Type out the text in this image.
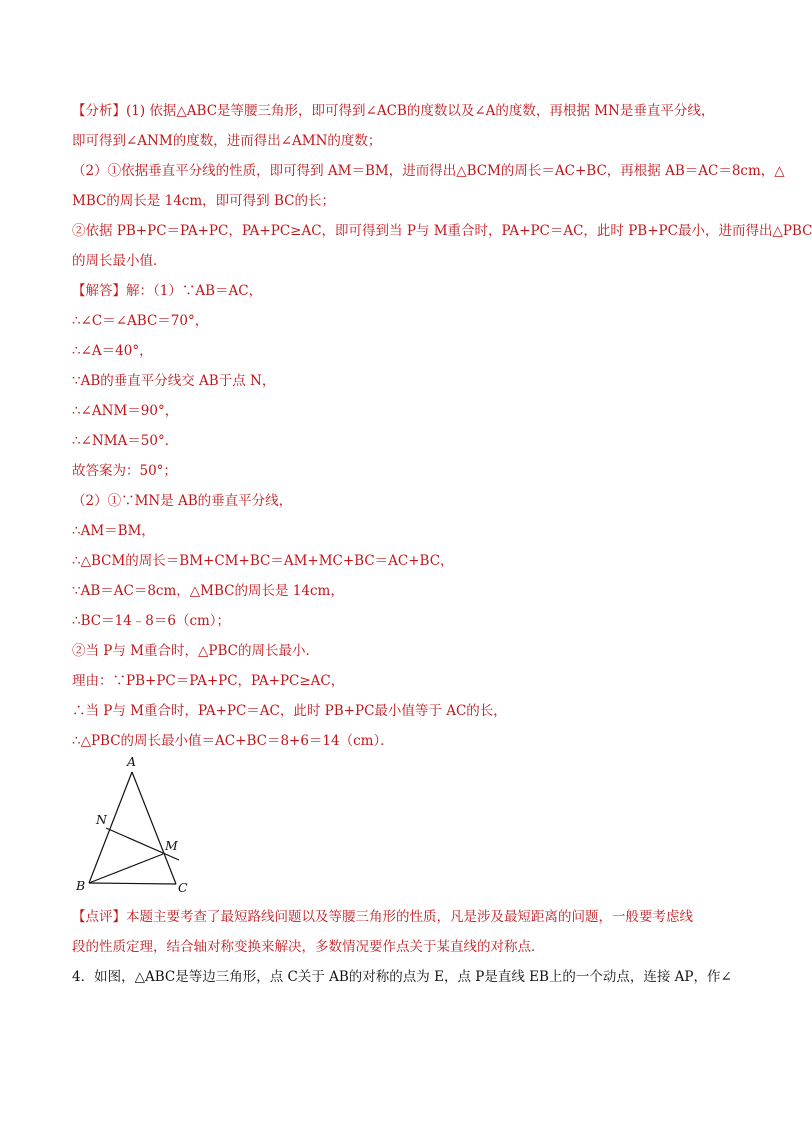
【分析】(1) 依据△ABC是等腰三角形，即可得到∠ACB的度数以及∠A的度数，再根据 MN是垂直平分线，
即可得到∠ANM的度数，进而得出∠AMN的度数；
（2）①依据垂直平分线的性质，即可得到 AM＝BM，进而得出△BCM的周长＝AC+BC，再根据 AB＝AC＝8cm，△
MBC的周长是 14cm，即可得到 BC的长；
②依据 PB+PC＝PA+PC，PA+PC≥AC，即可得到当 P与 M重合时，PA+PC＝AC，此时 PB+PC最小，进而得出△PBC
的周长最小值．
【解答】解：（1）∵AB＝AC，
∴∠C＝∠ABC＝70°，
∴∠A＝40°，
∵AB的垂直平分线交 AB于点 N，
∴∠ANM＝90°，
∴∠NMA＝50°．
故答案为：50°；
（2）①∵MN是 AB的垂直平分线，
∴AM＝BM，
∴△BCM的周长＝BM+CM+BC＝AM+MC+BC＝AC+BC，
∵AB＝AC＝8cm，△MBC的周长是 14cm，
∴BC＝14﹣8＝6（cm）；
②当 P与 M重合时，△PBC的周长最小．
理由：∵PB+PC＝PA+PC，PA+PC≥AC，
∴当 P与 M重合时，PA+PC＝AC，此时 PB+PC最小值等于 AC的长，
∴△PBC的周长最小值＝AC+BC＝8+6＝14（cm）．
A
N
M
B	C
【点评】本题主要考查了最短路线问题以及等腰三角形的性质，凡是涉及最短距离的问题，一般要考虑线
段的性质定理，结合轴对称变换来解决，多数情况要作点关于某直线的对称点．
4．如图，△ABC是等边三角形，点 C关于 AB的对称的点为 E，点 P是直线 EB上的一个动点，连接 AP，作∠
